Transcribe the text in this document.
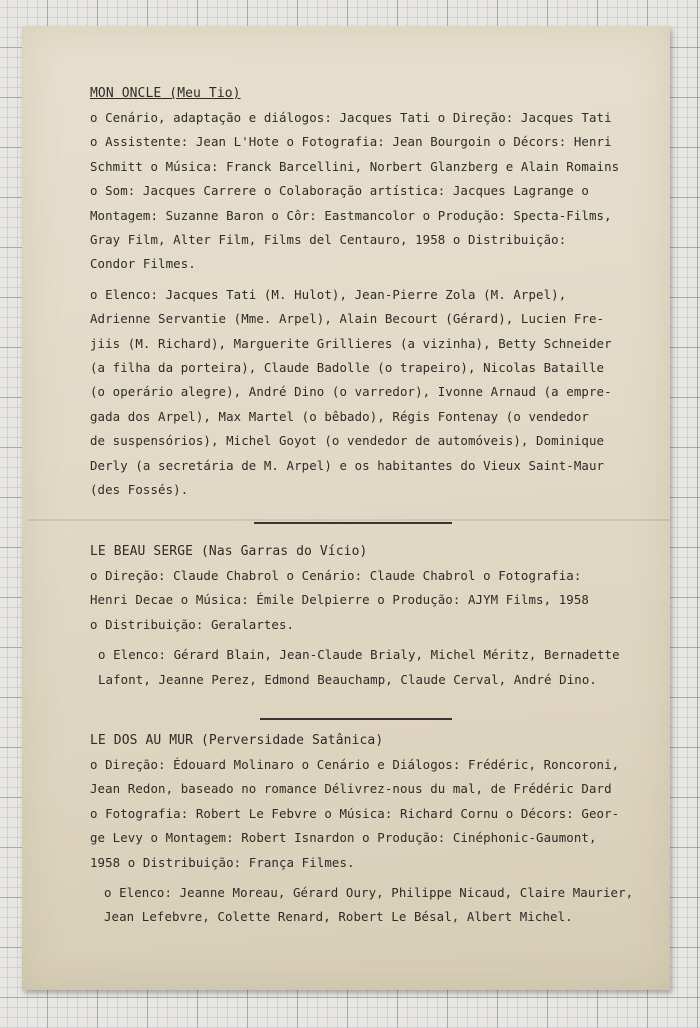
MON ONCLE (Meu Tio)

o Cenário, adaptação e diálogos: Jacques Tati o Direção: Jacques Tati
o Assistente: Jean L'Hote o Fotografia: Jean Bourgoin o Décors: Henri
Schmitt o Música: Franck Barcellini, Norbert Glanzberg e Alain Romains
o Som: Jacques Carrere o Colaboração artística: Jacques Lagrange o
Montagem: Suzanne Baron o Côr: Eastmancolor o Produção: Specta-Films,
Gray Film, Alter Film, Films del Centauro, 1958 o Distribuição:
Condor Filmes.

o Elenco: Jacques Tati (M. Hulot), Jean-Pierre Zola (M. Arpel),
Adrienne Servantie (Mme. Arpel), Alain Becourt (Gérard), Lucien Fre-
jiis (M. Richard), Marguerite Grillieres (a vizinha), Betty Schneider
(a filha da porteira), Claude Badolle (o trapeiro), Nicolas Bataille
(o operário alegre), André Dino (o varredor), Ivonne Arnaud (a empre-
gada dos Arpel), Max Martel (o bêbado), Régis Fontenay (o vendedor
de suspensórios), Michel Goyot (o vendedor de automóveis), Dominique
Derly (a secretária de M. Arpel) e os habitantes do Vieux Saint-Maur
(des Fossés).

LE BEAU SERGE (Nas Garras do Vício)

o Direção: Claude Chabrol o Cenário: Claude Chabrol o Fotografia:
Henri Decae o Música: Émile Delpierre o Produção: AJYM Films, 1958
o Distribuição: Geralartes.

o Elenco: Gérard Blain, Jean-Claude Brialy, Michel Méritz, Bernadette
Lafont, Jeanne Perez, Edmond Beauchamp, Claude Cerval, André Dino.

LE DOS AU MUR (Perversidade Satânica)

o Direção: Édouard Molinaro o Cenário e Diálogos: Frédéric, Roncoroni,
Jean Redon, baseado no romance Délivrez-nous du mal, de Frédéric Dard
o Fotografia: Robert Le Febvre o Música: Richard Cornu o Décors: Geor-
ge Levy o Montagem: Robert Isnardon o Produção: Cinéphonic-Gaumont,
1958 o Distribuição: França Filmes.

o Elenco: Jeanne Moreau, Gérard Oury, Philippe Nicaud, Claire Maurier,
Jean Lefebvre, Colette Renard, Robert Le Bésal, Albert Michel.
